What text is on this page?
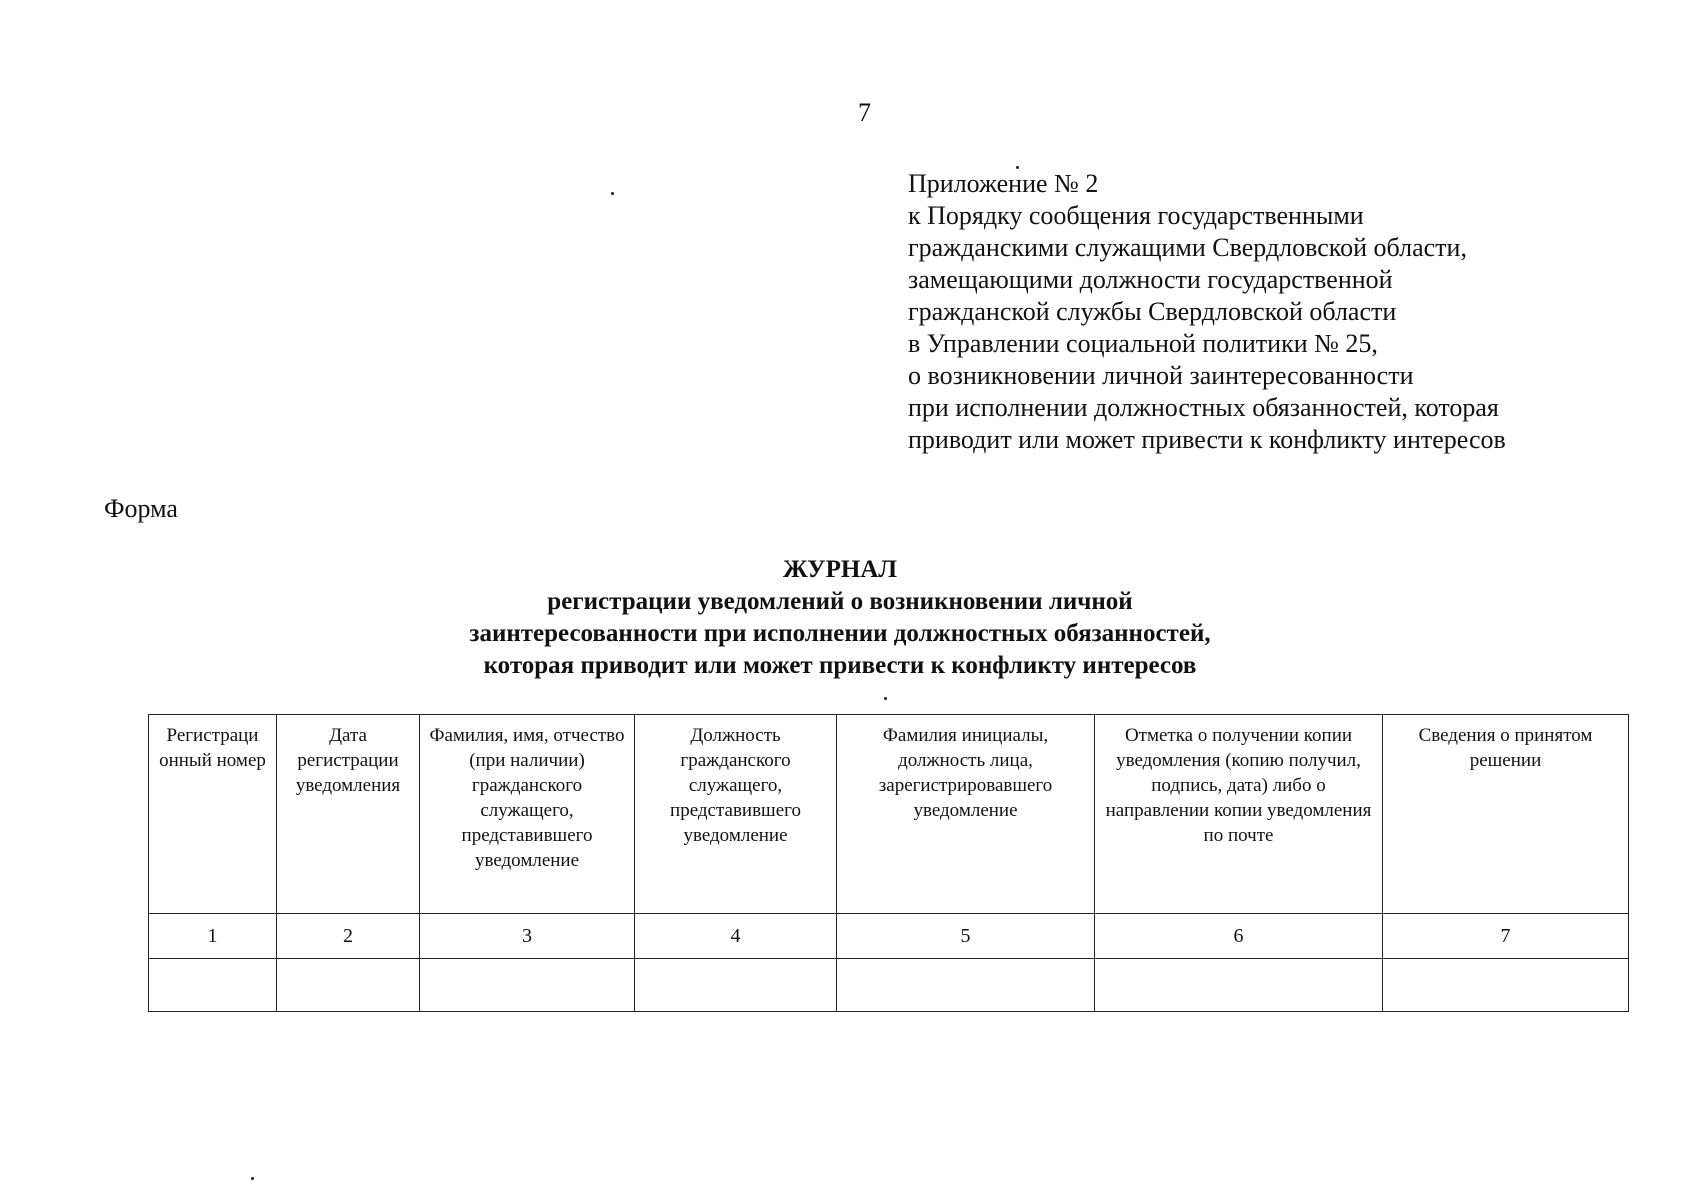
7
Приложение № 2
к Порядку сообщения государственными
гражданскими служащими Свердловской области,
замещающими должности государственной
гражданской службы Свердловской области
в Управлении социальной политики № 25,
о возникновении личной заинтересованности
при исполнении должностных обязанностей, которая
приводит или может привести к конфликту интересов
Форма
ЖУРНАЛ
регистрации уведомлений о возникновении личной
заинтересованности при исполнении должностных обязанностей,
которая приводит или может привести к конфликту интересов
Регистраци онный номер	Дата регистрации уведомления	Фамилия, имя, отчество (при наличии) гражданского служащего, представившего уведомление	Должность гражданского служащего, представившего уведомление	Фамилия инициалы, должность лица, зарегистрировавшего уведомление	Отметка о получении копии уведомления (копию получил, подпись, дата) либо о направлении копии уведомления по почте	Сведения о принятом решении
1	2	3	4	5	6	7
